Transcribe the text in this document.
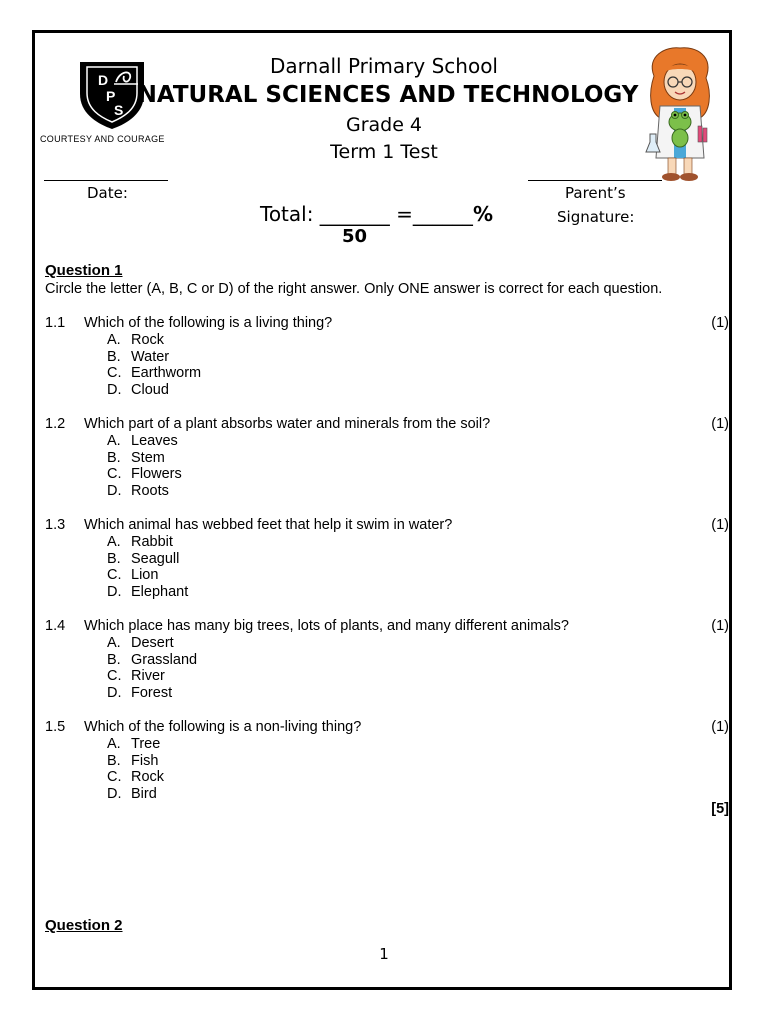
D
P
S
COURTESY AND COURAGE
Darnall Primary School
NATURAL SCIENCES AND TECHNOLOGY
Grade 4
Term 1 Test
Date:	Parent’s
Signature:
Total: _______ =______%
50
Question 1
Circle the letter (A, B, C or D) of the right answer. Only ONE answer is correct for each question.
1.1 Which of the following is a living thing?	(1)
A. Rock
B. Water
C. Earthworm
D. Cloud
1.2 Which part of a plant absorbs water and minerals from the soil?	(1)
A. Leaves
B. Stem
C. Flowers
D. Roots
1.3 Which animal has webbed feet that help it swim in water?	(1)
A. Rabbit
B. Seagull
C. Lion
D. Elephant
1.4 Which place has many big trees, lots of plants, and many different animals?	(1)
A. Desert
B. Grassland
C. River
D. Forest
1.5 Which of the following is a non-living thing?	(1)
A. Tree
B. Fish
C. Rock
D. Bird
[5]
Question 2
1
